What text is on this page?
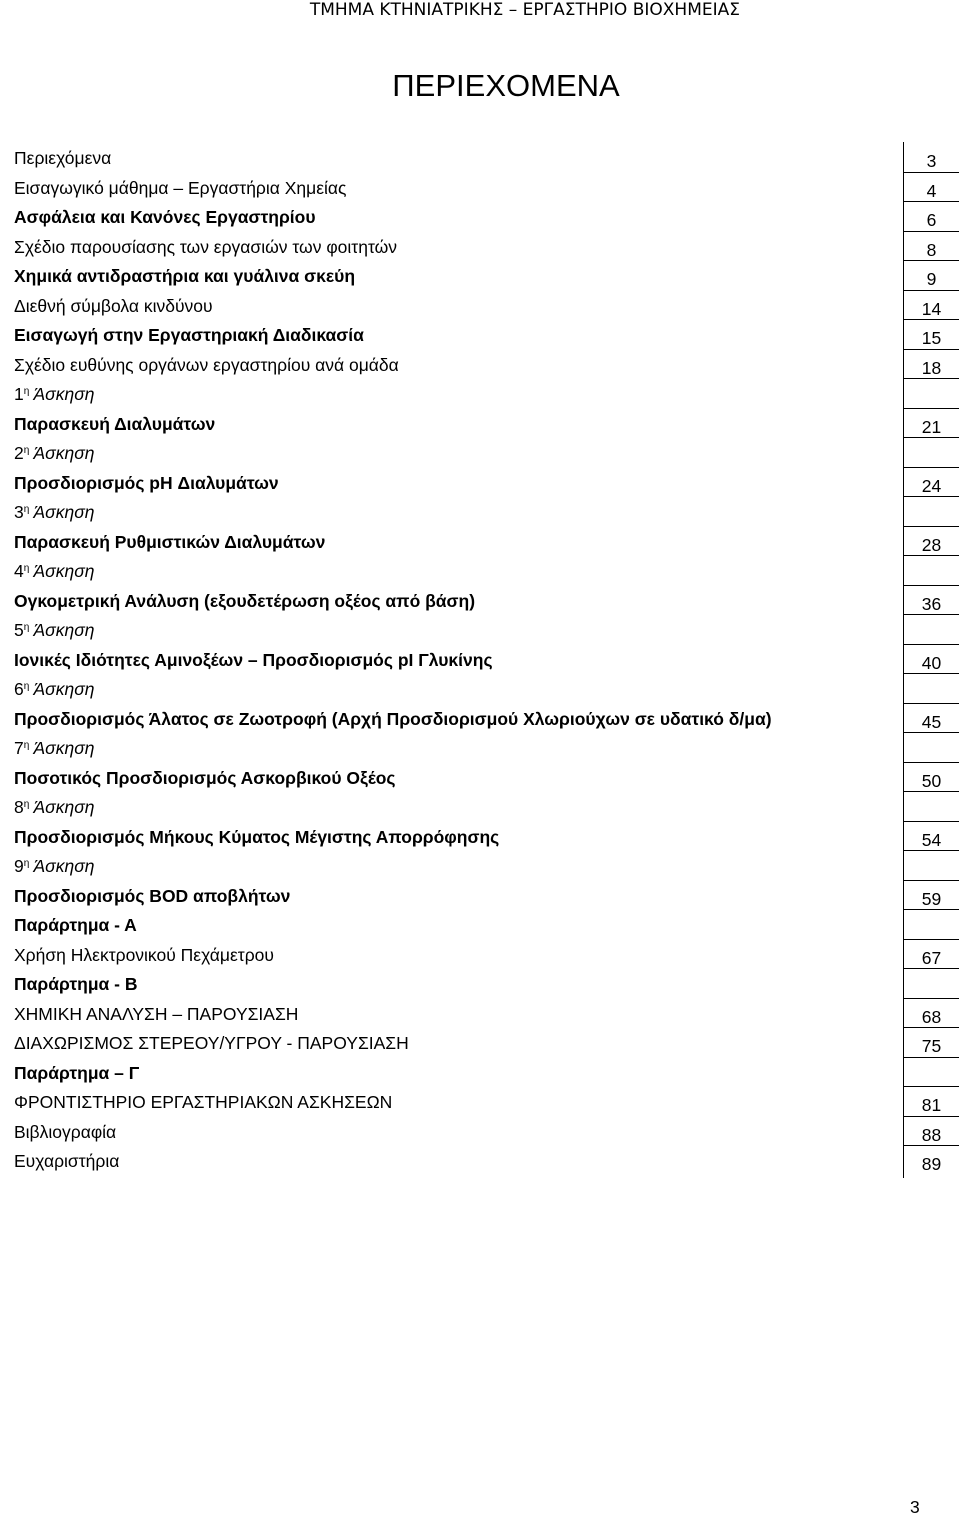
ΤΜΗΜΑ ΚΤΗΝΙΑΤΡΙΚΗΣ – ΕΡΓΑΣΤΗΡΙΟ ΒΙΟΧΗΜΕΙΑΣ
ΠΕΡΙΕΧΟΜΕΝΑ
Περιεχόμενα	3
Εισαγωγικό μάθημα – Εργαστήρια Χημείας	4
Ασφάλεια και Κανόνες Εργαστηρίου	6
Σχέδιο παρουσίασης των εργασιών των φοιτητών	8
Χημικά αντιδραστήρια και γυάλινα σκεύη	9
Διεθνή σύμβολα κινδύνου	14
Εισαγωγή στην Εργαστηριακή Διαδικασία	15
Σχέδιο ευθύνης οργάνων εργαστηρίου ανά ομάδα	18
$1^\eta$ Άσκηση
Παρασκευή Διαλυμάτων	21
$2^\eta$ Άσκηση
Προσδιορισμός pH Διαλυμάτων	24
$3^\eta$ Άσκηση
Παρασκευή Ρυθμιστικών Διαλυμάτων	28
$4^\eta$ Άσκηση
Ογκομετρική Ανάλυση (εξουδετέρωση οξέος από βάση)	36
$5^\eta$ Άσκηση
Ιονικές Ιδιότητες Αμινοξέων – Προσδιορισμός pI Γλυκίνης	40
$6^\eta$ Άσκηση
Προσδιορισμός Άλατος σε Ζωοτροφή (Αρχή Προσδιορισμού Χλωριούχων σε υδατικό δ/μα)	45
$7^\eta$ Άσκηση
Ποσοτικός Προσδιορισμός Ασκορβικού Οξέος	50
$8^\eta$ Άσκηση
Προσδιορισμός Μήκους Κύματος Μέγιστης Απορρόφησης	54
$9^\eta$ Άσκηση
Προσδιορισμός BOD αποβλήτων	59
Παράρτημα - Α
Χρήση Ηλεκτρονικού Πεχάμετρου	67
Παράρτημα - Β
ΧΗΜΙΚΗ ΑΝΑΛΥΣΗ – ΠΑΡΟΥΣΙΑΣΗ	68
ΔΙΑΧΩΡΙΣΜΟΣ ΣΤΕΡΕΟΥ/ΥΓΡΟΥ - ΠΑΡΟΥΣΙΑΣΗ	75
Παράρτημα – Γ
ΦΡΟΝΤΙΣΤΗΡΙΟ ΕΡΓΑΣΤΗΡΙΑΚΩΝ ΑΣΚΗΣΕΩΝ	81
Βιβλιογραφία	88
Ευχαριστήρια	89
3
